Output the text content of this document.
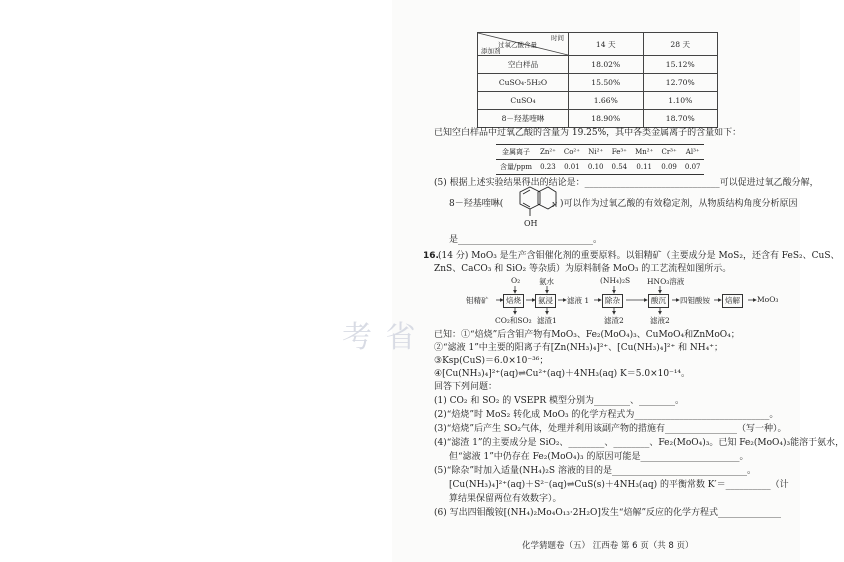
考 省
时间
过氧乙酸含量
添加剂	14 天	28 天
空白样品	18.02%	15.12%
CuSO₄·5H₂O	15.50%	12.70%
CuSO₄	1.66%	1.10%
8－羟基喹啉	18.90%	18.70%
已知空白样品中过氧乙酸的含量为 19.25%，其中各类金属离子的含量如下：
金属离子	Zn²⁺	Co²⁺	Ni²⁺	Fe³⁺	Mn²⁺	Cr³⁺	Al³⁺
含量/ppm	0.23	0.01	0.10	0.54	0.11	0.09	0.07
(5) 根据上述实验结果得出的结论是：______________________________可以促进过氧乙酸分解，
8－羟基喹啉(	N )可以作为过氧乙酸的有效稳定剂，从物质结构角度分析原因
OH
是______________________________。
16. (14 分) MoO₃ 是生产含钼催化剂的重要原料。以钼精矿（主要成分是 MoS₂，还含有 FeS₂、CuS、
ZnS、CaCO₃ 和 SiO₂ 等杂质）为原料制备 MoO₃ 的工艺流程如图所示。
O₂	氨水	(NH₄)₂S HNO₃溶液
钼精矿	焙烧	氨浸	滤液 1	除杂	酸沉	四钼酸铵	焙解	MoO₃
CO₂和SO₂ 滤渣1	滤渣2	滤液2
已知：①“焙烧”后含钼产物有MoO₃、Fe₂(MoO₄)₃、CuMoO₄和ZnMoO₄；
②“滤液 1”中主要的阳离子有[Zn(NH₃)₄]²⁺、[Cu(NH₃)₄]²⁺ 和 NH₄⁺；
③Ksp(CuS)＝6.0×10⁻³⁶；
④[Cu(NH₃)₄]²⁺(aq)⇌Cu²⁺(aq)＋4NH₃(aq) K＝5.0×10⁻¹⁴。
回答下列问题：
(1) CO₂ 和 SO₂ 的 VSEPR 模型分别为________、________。
(2)“焙烧”时 MoS₂ 转化成 MoO₃ 的化学方程式为______________________________。
(3)“焙烧”后产生 SO₂气体，处理并利用该副产物的措施有________________（写一种）。
(4)“滤渣 1”的主要成分是 SiO₂、________、________、Fe₂(MoO₄)₃。已知 Fe₂(MoO₄)₃能溶于氨水，
但“滤液 1”中仍存在 Fe₂(MoO₄)₃ 的原因可能是______________________。
(5)“除杂”时加入适量(NH₄)₂S 溶液的目的是______________________________。
[Cu(NH₃)₄]²⁺(aq)＋S²⁻(aq)⇌CuS(s)＋4NH₃(aq) 的平衡常数 K′＝__________（计
算结果保留两位有效数字）。
(6) 写出四钼酸铵[(NH₄)₂Mo₄O₁₃·2H₂O]发生“焙解”反应的化学方程式______________
化学猜题卷（五） 江西卷 第 6 页（共 8 页）
